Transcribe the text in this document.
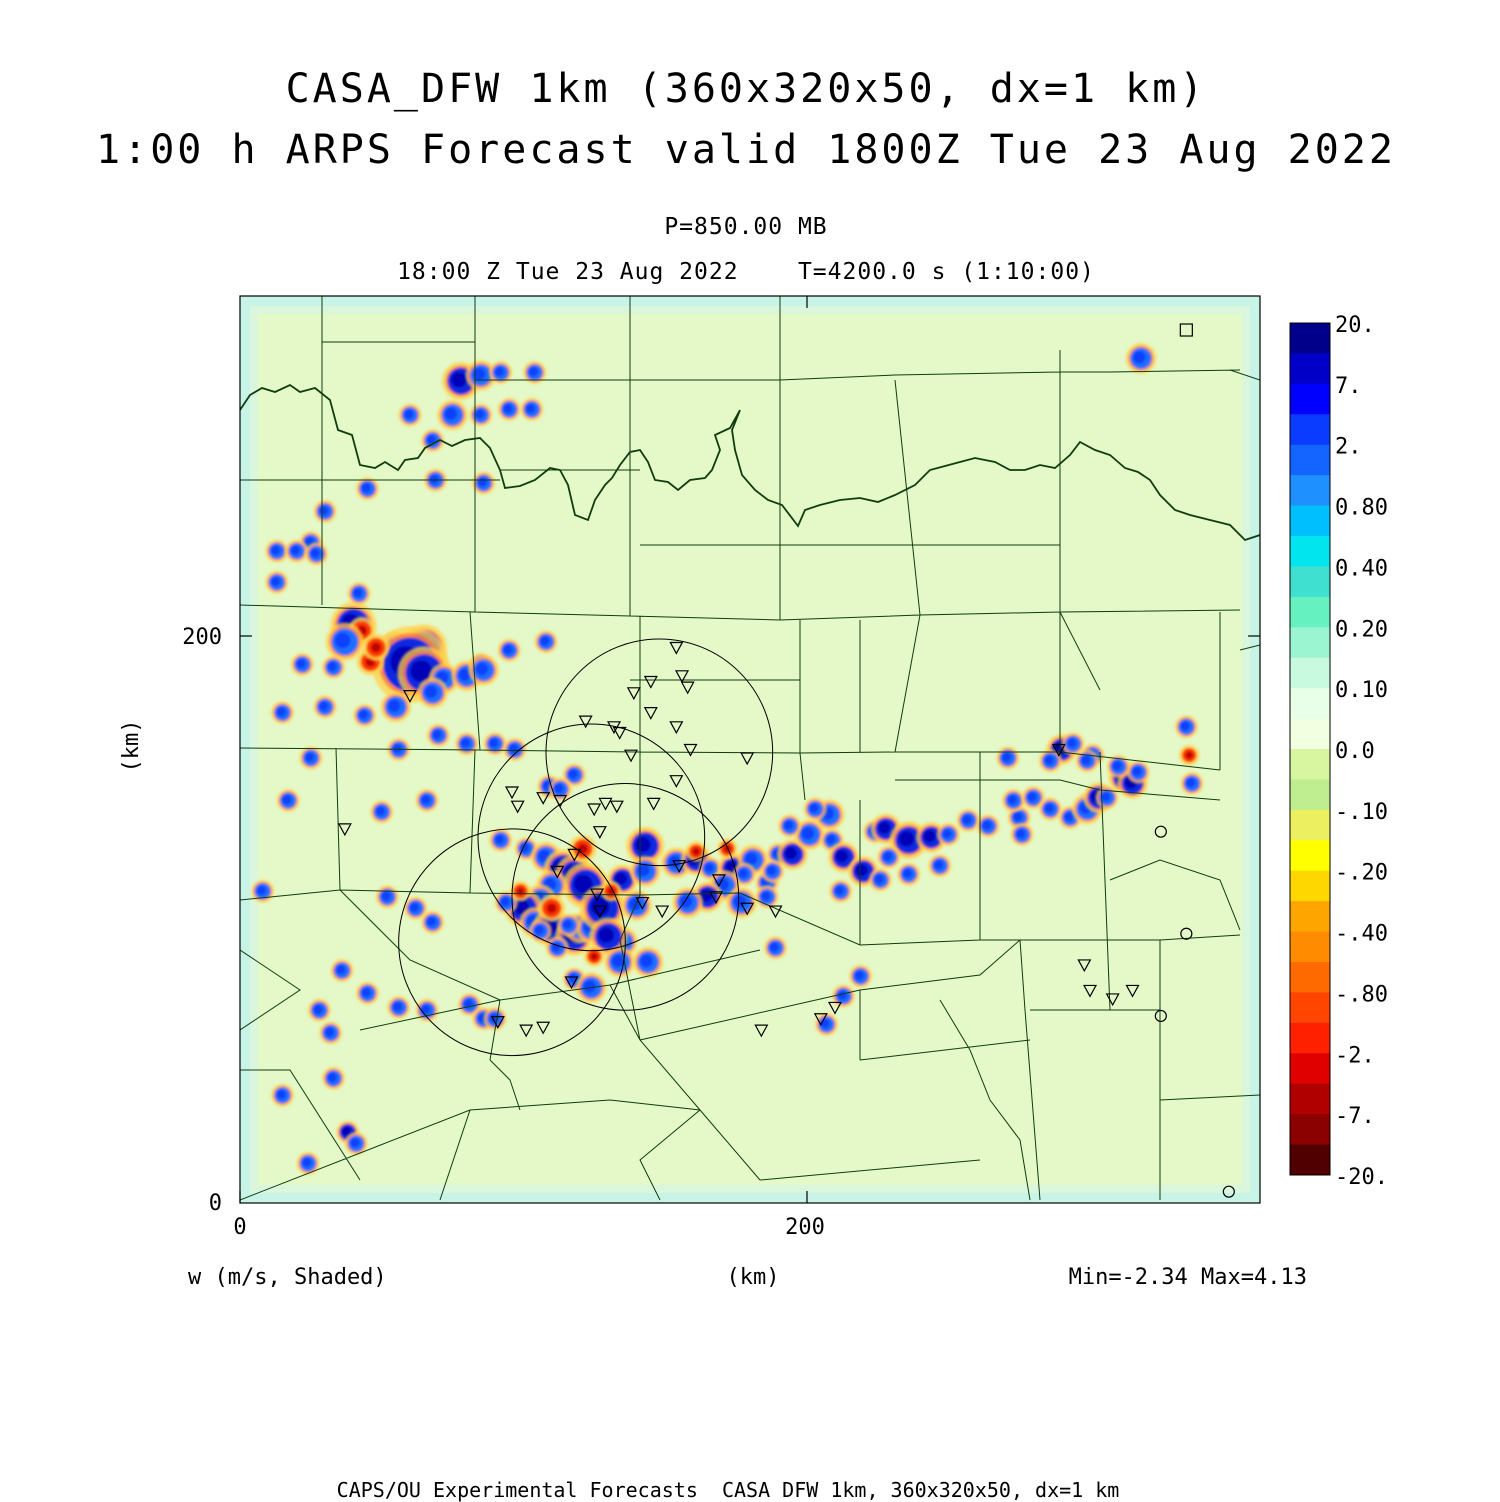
CASA_DFW 1km (360x320x50, dx=1 km)
1:00 h ARPS Forecast valid 1800Z Tue 23 Aug 2022
P=850.00 MB
18:00 Z Tue 23 Aug 2022    T=4200.0 s (1:10:00)
0	200
0
200
(km)
(km)
w (m/s, Shaded)	Min=-2.34 Max=4.13
20.
7.
2.
0.80
0.40
0.20
0.10
0.0
-.10
-.20
-.40
-.80
-2.
-7.
-20.
CAPS/OU Experimental Forecasts  CASA DFW 1km, 360x320x50, dx=1 km
